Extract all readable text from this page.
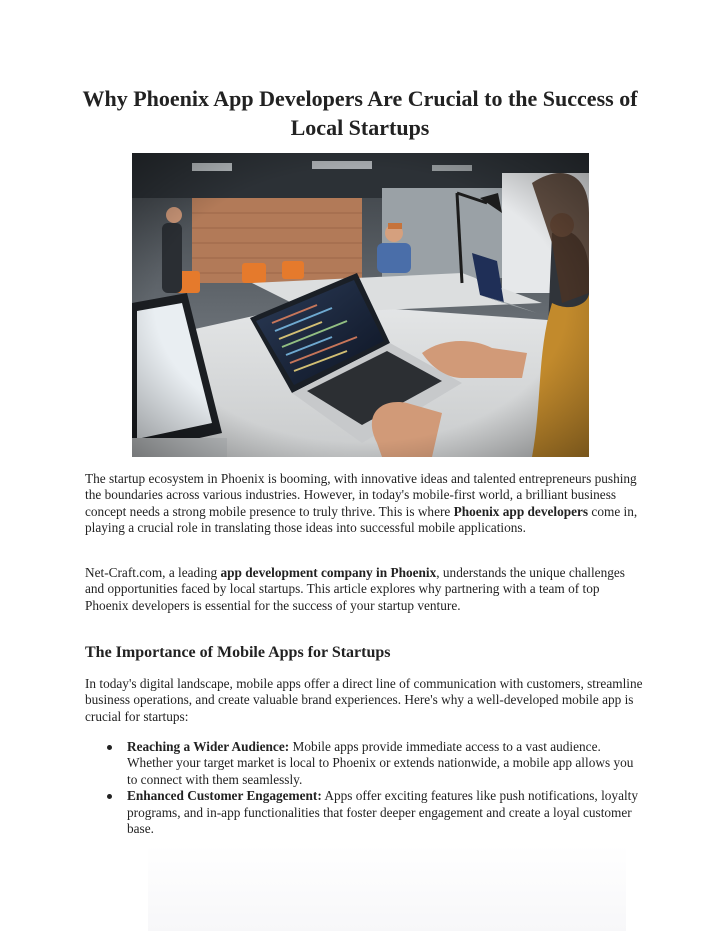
Why Phoenix App Developers Are Crucial to the Success of Local Startups

The startup ecosystem in Phoenix is booming, with innovative ideas and talented entrepreneurs pushing the boundaries across various industries. However, in today's mobile-first world, a brilliant business concept needs a strong mobile presence to truly thrive. This is where Phoenix app developers come in, playing a crucial role in translating those ideas into successful mobile applications.

Net-Craft.com, a leading app development company in Phoenix, understands the unique challenges and opportunities faced by local startups. This article explores why partnering with a team of top Phoenix developers is essential for the success of your startup venture.

The Importance of Mobile Apps for Startups

In today's digital landscape, mobile apps offer a direct line of communication with customers, streamline business operations, and create valuable brand experiences. Here's why a well-developed mobile app is crucial for startups:

Reaching a Wider Audience: Mobile apps provide immediate access to a vast audience. Whether your target market is local to Phoenix or extends nationwide, a mobile app allows you to connect with them seamlessly.
Enhanced Customer Engagement: Apps offer exciting features like push notifications, loyalty programs, and in-app functionalities that foster deeper engagement and create a loyal customer base.
